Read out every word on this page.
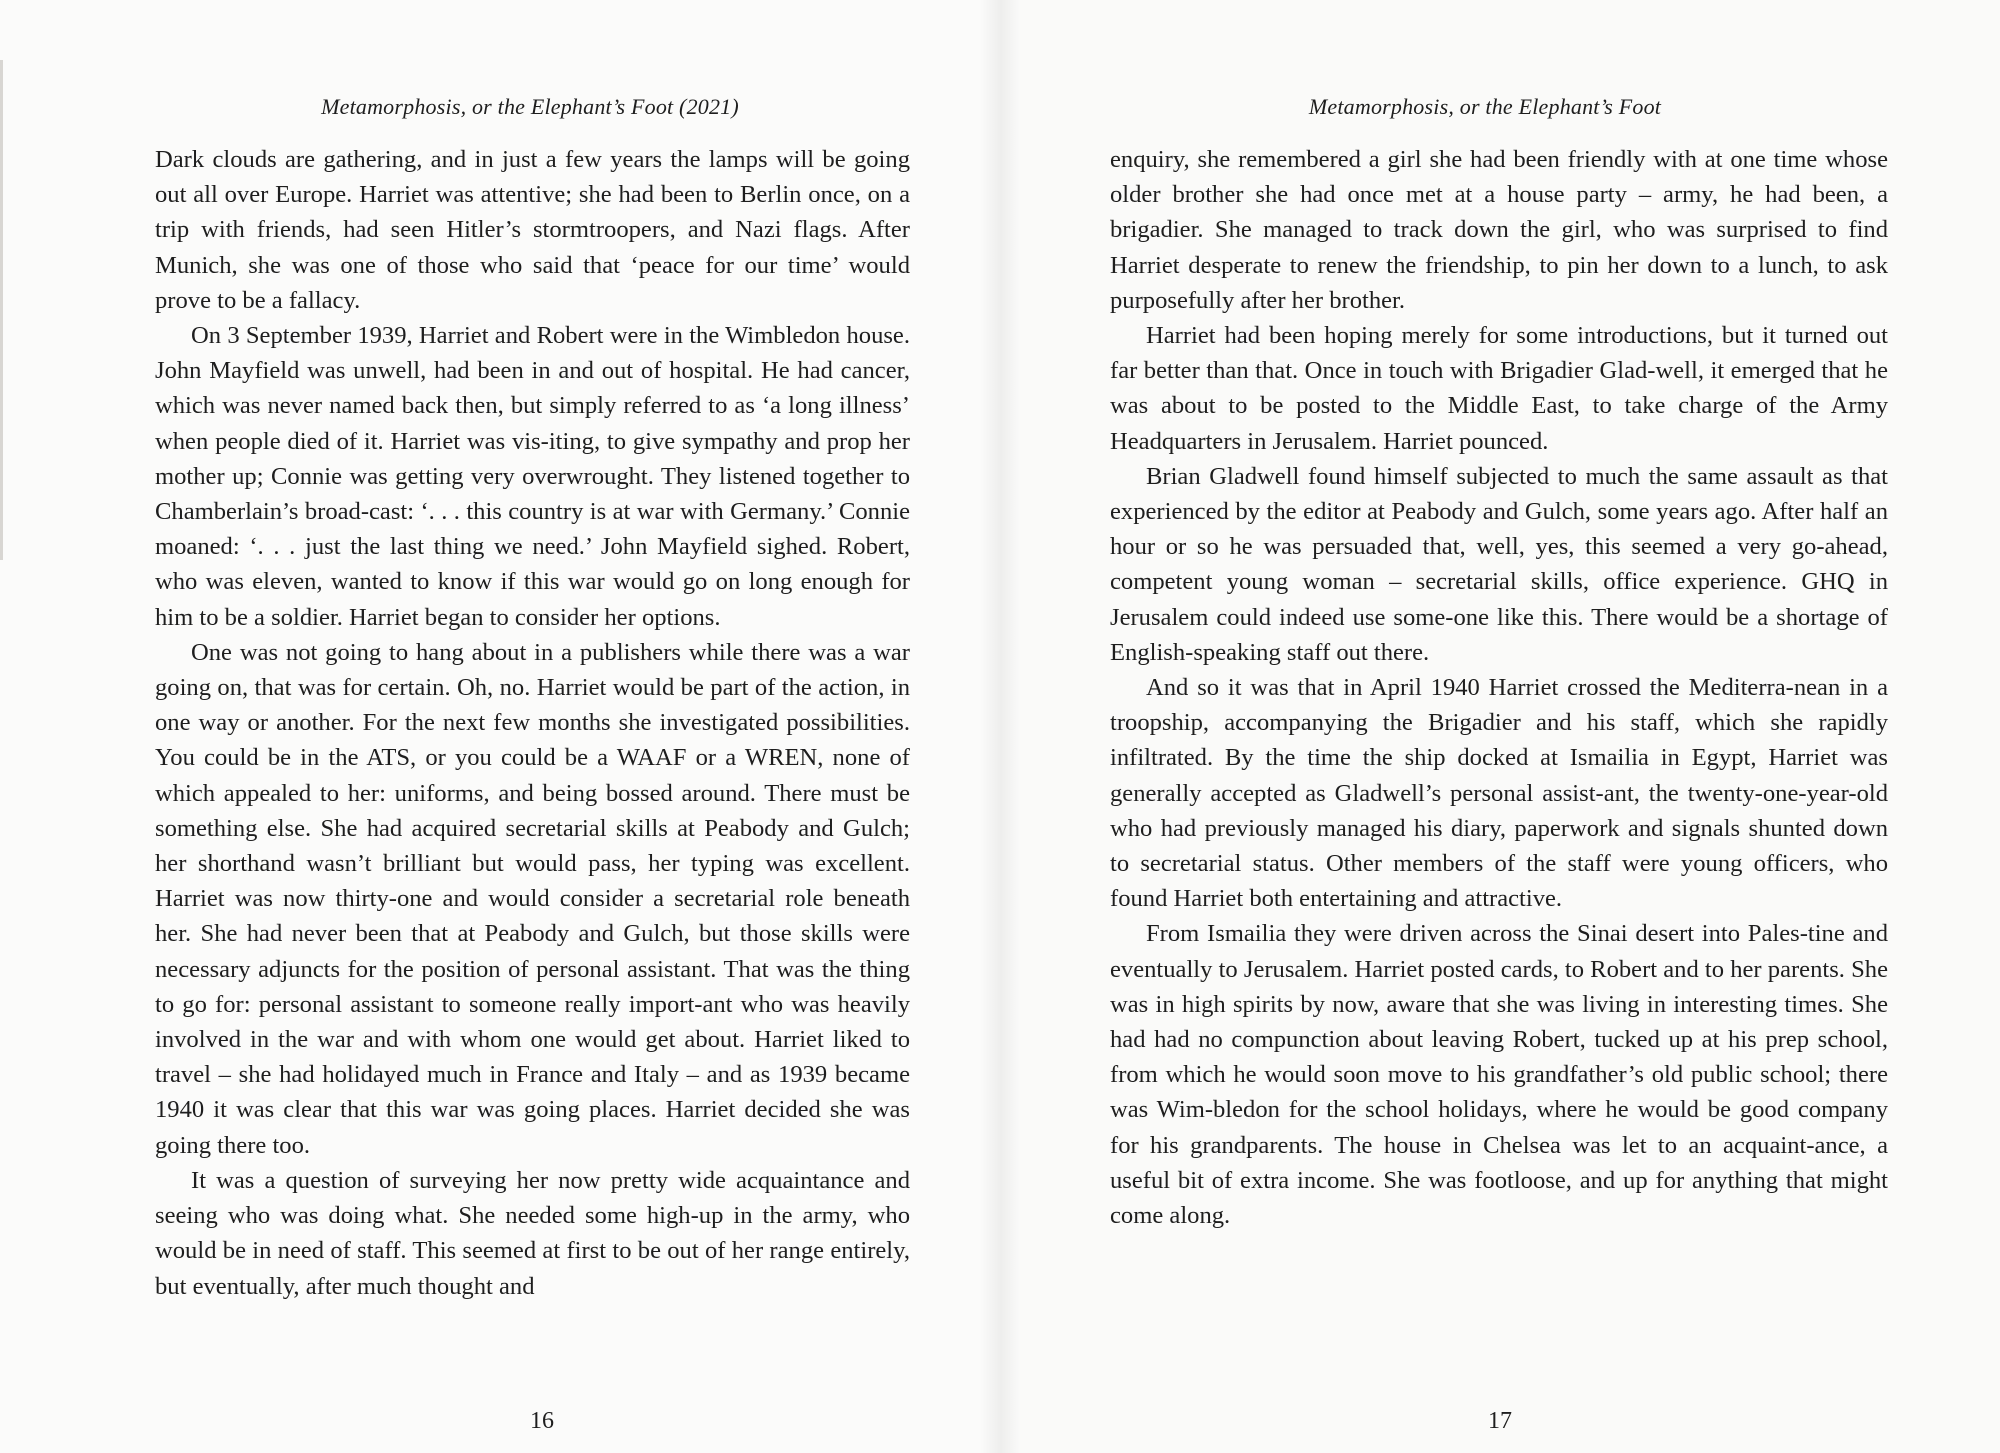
Metamorphosis, or the Elephant’s Foot (2021)

Dark clouds are gathering, and in just a few years the lamps will be going out all over Europe. Harriet was attentive; she had been to Berlin once, on a trip with friends, had seen Hitler’s stormtroopers, and Nazi flags. After Munich, she was one of those who said that ‘peace for our time’ would prove to be a fallacy.

On 3 September 1939, Harriet and Robert were in the Wimbledon house. John Mayfield was unwell, had been in and out of hospital. He had cancer, which was never named back then, but simply referred to as ‘a long illness’ when people died of it. Harriet was vis-iting, to give sympathy and prop her mother up; Connie was getting very overwrought. They listened together to Chamberlain’s broad-cast: ‘. . . this country is at war with Germany.’ Connie moaned: ‘. . . just the last thing we need.’ John Mayfield sighed. Robert, who was eleven, wanted to know if this war would go on long enough for him to be a soldier. Harriet began to consider her options.

One was not going to hang about in a publishers while there was a war going on, that was for certain. Oh, no. Harriet would be part of the action, in one way or another. For the next few months she investigated possibilities. You could be in the ATS, or you could be a WAAF or a WREN, none of which appealed to her: uniforms, and being bossed around. There must be something else. She had acquired secretarial skills at Peabody and Gulch; her shorthand wasn’t brilliant but would pass, her typing was excellent. Harriet was now thirty-one and would consider a secretarial role beneath her. She had never been that at Peabody and Gulch, but those skills were necessary adjuncts for the position of personal assistant. That was the thing to go for: personal assistant to someone really import-ant who was heavily involved in the war and with whom one would get about. Harriet liked to travel – she had holidayed much in France and Italy – and as 1939 became 1940 it was clear that this war was going places. Harriet decided she was going there too.

It was a question of surveying her now pretty wide acquaintance and seeing who was doing what. She needed some high-up in the army, who would be in need of staff. This seemed at first to be out of her range entirely, but eventually, after much thought and

16
Metamorphosis, or the Elephant’s Foot

enquiry, she remembered a girl she had been friendly with at one time whose older brother she had once met at a house party – army, he had been, a brigadier. She managed to track down the girl, who was surprised to find Harriet desperate to renew the friendship, to pin her down to a lunch, to ask purposefully after her brother.

Harriet had been hoping merely for some introductions, but it turned out far better than that. Once in touch with Brigadier Glad-well, it emerged that he was about to be posted to the Middle East, to take charge of the Army Headquarters in Jerusalem. Harriet pounced.

Brian Gladwell found himself subjected to much the same assault as that experienced by the editor at Peabody and Gulch, some years ago. After half an hour or so he was persuaded that, well, yes, this seemed a very go-ahead, competent young woman – secretarial skills, office experience. GHQ in Jerusalem could indeed use some-one like this. There would be a shortage of English-speaking staff out there.

And so it was that in April 1940 Harriet crossed the Mediterra-nean in a troopship, accompanying the Brigadier and his staff, which she rapidly infiltrated. By the time the ship docked at Ismailia in Egypt, Harriet was generally accepted as Gladwell’s personal assist-ant, the twenty-one-year-old who had previously managed his diary, paperwork and signals shunted down to secretarial status. Other members of the staff were young officers, who found Harriet both entertaining and attractive.

From Ismailia they were driven across the Sinai desert into Pales-tine and eventually to Jerusalem. Harriet posted cards, to Robert and to her parents. She was in high spirits by now, aware that she was living in interesting times. She had had no compunction about leaving Robert, tucked up at his prep school, from which he would soon move to his grandfather’s old public school; there was Wim-bledon for the school holidays, where he would be good company for his grandparents. The house in Chelsea was let to an acquaint-ance, a useful bit of extra income. She was footloose, and up for anything that might come along.

17
